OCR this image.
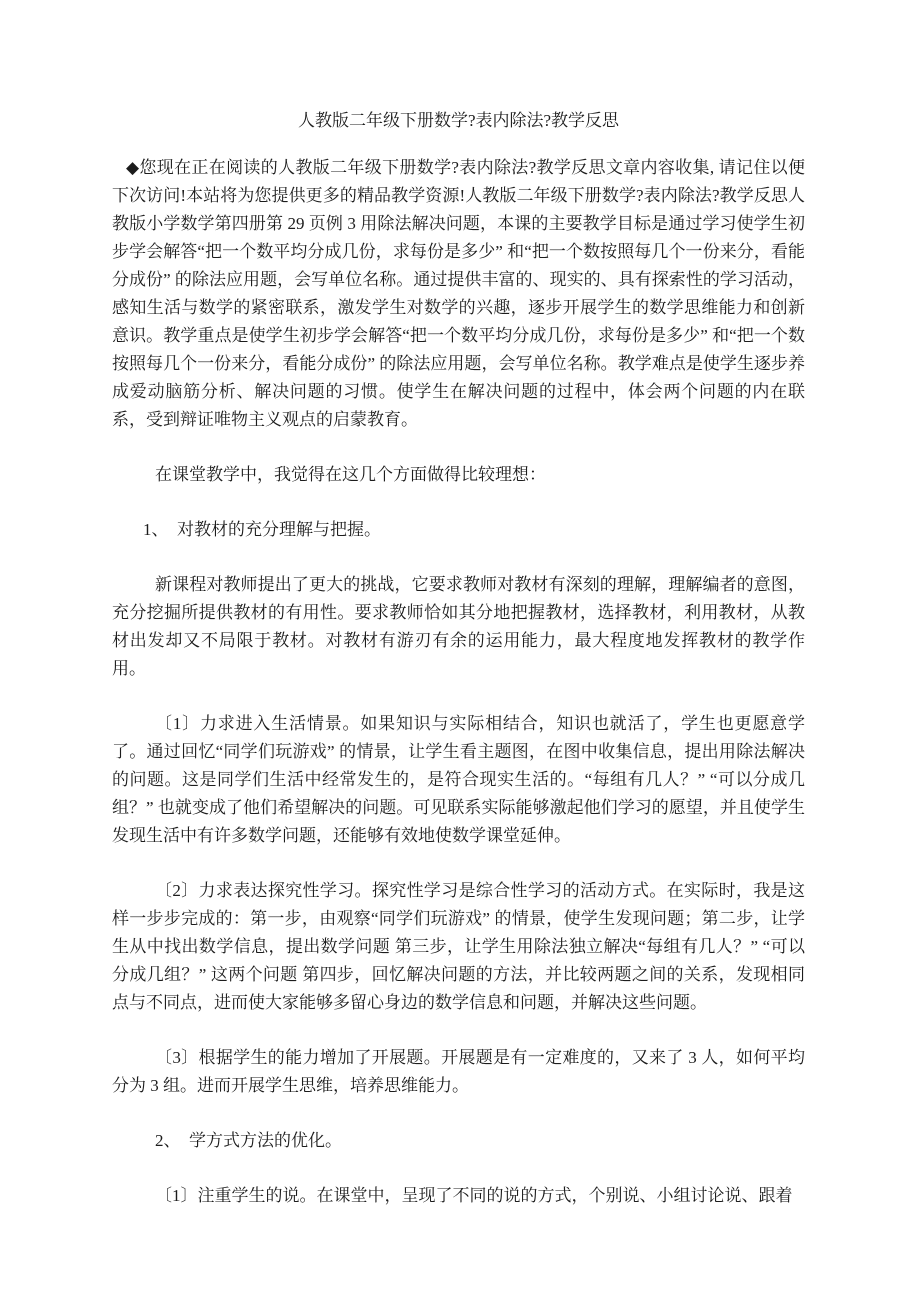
人教版二年级下册数学?表内除法?教学反思

◆您现在正在阅读的人教版二年级下册数学?表内除法?教学反思文章内容收集, 请记住以便下次访问!本站将为您提供更多的精品教学资源!人教版二年级下册数学?表内除法?教学反思人教版小学数学第四册第 29 页例 3 用除法解决问题，本课的主要教学目标是通过学习使学生初步学会解答“把一个数平均分成几份，求每份是多少” 和“把一个数按照每几个一份来分，看能分成份” 的除法应用题，会写单位名称。通过提供丰富的、现实的、具有探索性的学习活动，感知生活与数学的紧密联系，激发学生对数学的兴趣，逐步开展学生的数学思维能力和创新意识。教学重点是使学生初步学会解答“把一个数平均分成几份，求每份是多少” 和“把一个数按照每几个一份来分，看能分成份” 的除法应用题，会写单位名称。教学难点是使学生逐步养成爱动脑筋分析、解决问题的习惯。使学生在解决问题的过程中，体会两个问题的内在联系，受到辩证唯物主义观点的启蒙教育。

在课堂教学中，我觉得在这几个方面做得比较理想：

1、　对教材的充分理解与把握。

新课程对教师提出了更大的挑战，它要求教师对教材有深刻的理解，理解编者的意图，充分挖掘所提供教材的有用性。要求教师恰如其分地把握教材，选择教材，利用教材，从教材出发却又不局限于教材。对教材有游刃有余的运用能力，最大程度地发挥教材的教学作用。

〔1〕力求进入生活情景。如果知识与实际相结合，知识也就活了，学生也更愿意学了。通过回忆“同学们玩游戏” 的情景，让学生看主题图，在图中收集信息，提出用除法解决的问题。这是同学们生活中经常发生的，是符合现实生活的。“每组有几人？” “可以分成几组？” 也就变成了他们希望解决的问题。可见联系实际能够激起他们学习的愿望，并且使学生发现生活中有许多数学问题，还能够有效地使数学课堂延伸。

〔2〕力求表达探究性学习。探究性学习是综合性学习的活动方式。在实际时，我是这样一步步完成的：第一步，由观察“同学们玩游戏” 的情景，使学生发现问题；第二步，让学生从中找出数学信息，提出数学问题 第三步，让学生用除法独立解决“每组有几人？” “可以分成几组？” 这两个问题 第四步，回忆解决问题的方法，并比较两题之间的关系，发现相同点与不同点，进而使大家能够多留心身边的数学信息和问题，并解决这些问题。

〔3〕根据学生的能力增加了开展题。开展题是有一定难度的，又来了 3 人，如何平均分为 3 组。进而开展学生思维，培养思维能力。

2、　学方式方法的优化。

〔1〕注重学生的说。在课堂中，呈现了不同的说的方式，个别说、小组讨论说、跟着
